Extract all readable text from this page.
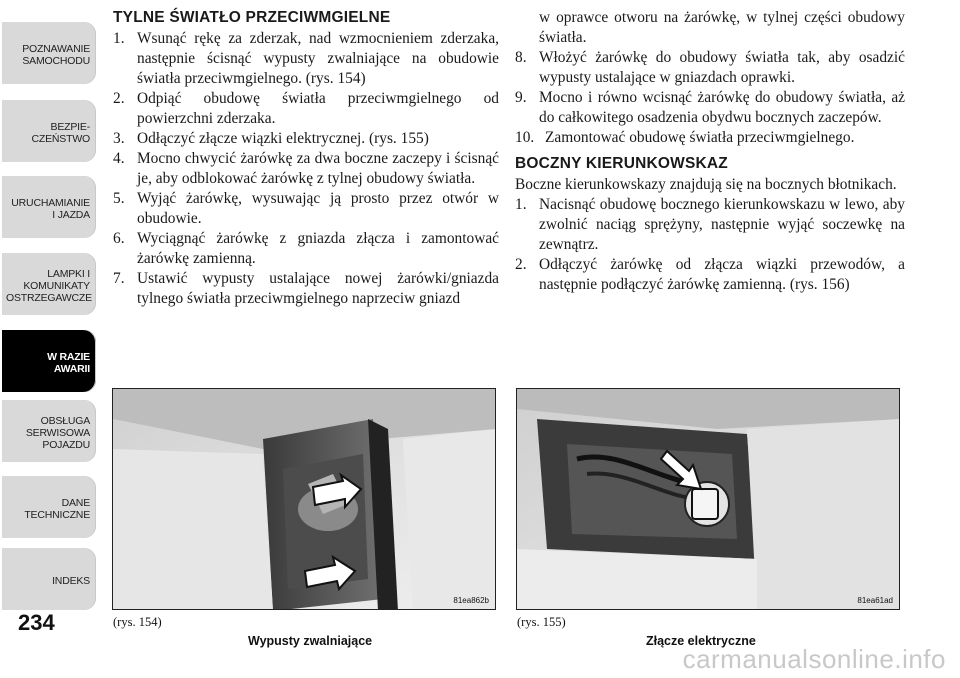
POZNAWANIE
SAMOCHODU
BEZPIE-
CZEŃSTWO
URUCHAMIANIE
I JAZDA
LAMPKI I
KOMUNIKATY
OSTRZEGAWCZE
W RAZIE
AWARII
OBSŁUGA
SERWISOWA
POJAZDU
DANE
TECHNICZNE
INDEKS
234
TYLNE ŚWIATŁO PRZECIWMGIELNE
1. Wsunąć rękę za zderzak, nad wzmocnieniem zderzaka, następnie ścisnąć wypusty zwalniające na obudowie światła przeciwmgielnego. (rys. 154)
2. Odpiąć obudowę światła przeciwmgielnego od powierzchni zderzaka.
3. Odłączyć złącze wiązki elektrycznej. (rys. 155)
4. Mocno chwycić żarówkę za dwa boczne zaczepy i ścisnąć je, aby odblokować żarówkę z tylnej obudowy światła.
5. Wyjąć żarówkę, wysuwając ją prosto przez otwór w obudowie.
6. Wyciągnąć żarówkę z gniazda złącza i zamontować żarówkę zamienną.
7. Ustawić wypusty ustalające nowej żarówki/gniazda tylnego światła przeciwmgielnego naprzeciw gniazd
w oprawce otworu na żarówkę, w tylnej części obudowy światła.
8. Włożyć żarówkę do obudowy światła tak, aby osadzić wypusty ustalające w gniazdach oprawki.
9. Mocno i równo wcisnąć żarówkę do obudowy światła, aż do całkowitego osadzenia obydwu bocznych zaczepów.
10. Zamontować obudowę światła przeciwmgielnego.
BOCZNY KIERUNKOWSKAZ
Boczne kierunkowskazy znajdują się na bocznych błotnikach.
1. Nacisnąć obudowę bocznego kierunkowskazu w lewo, aby zwolnić naciąg sprężyny, następnie wyjąć soczewkę na zewnątrz.
2. Odłączyć żarówkę od złącza wiązki przewodów, a następnie podłączyć żarówkę zamienną. (rys. 156)
81ea862b
(rys. 154)
Wypusty zwalniające
81ea61ad
(rys. 155)
Złącze elektryczne
carmanualsonline.info
